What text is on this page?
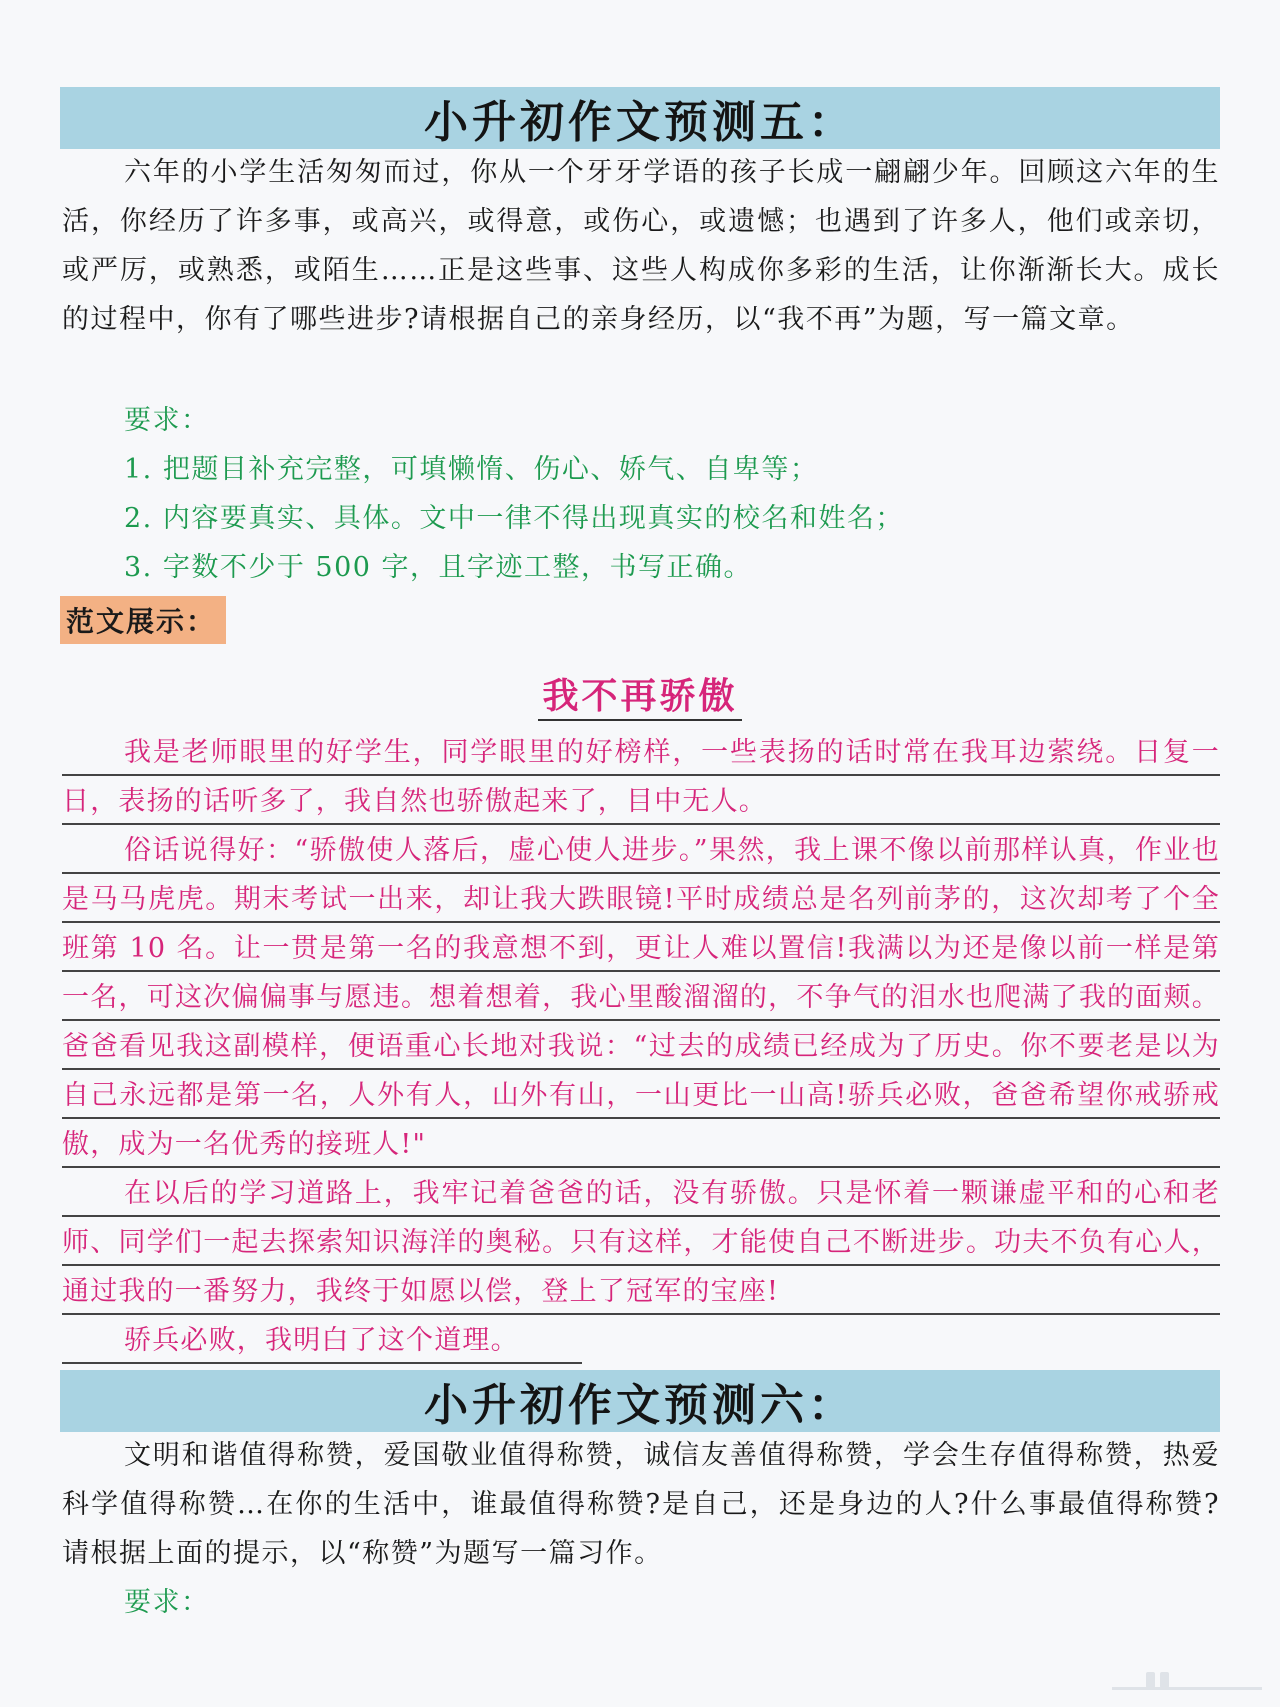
小升初作文预测五：

六年的小学生活匆匆而过，你从一个牙牙学语的孩子长成一翩翩少年。回顾这六年的生活，你经历了许多事，或高兴，或得意，或伤心，或遗憾；也遇到了许多人，他们或亲切，或严厉，或熟悉，或陌生……正是这些事、这些人构成你多彩的生活，让你渐渐长大。成长的过程中，你有了哪些进步?请根据自己的亲身经历，以“我不再”为题，写一篇文章。

要求：

1. 把题目补充完整，可填懒惰、伤心、娇气、自卑等；

2. 内容要真实、具体。文中一律不得出现真实的校名和姓名；

3. 字数不少于 500 字，且字迹工整，书写正确。

范文展示：
我不再骄傲

我是老师眼里的好学生，同学眼里的好榜样，一些表扬的话时常在我耳边萦绕。日复一日，表扬的话听多了，我自然也骄傲起来了，目中无人。

俗话说得好：“骄傲使人落后，虚心使人进步。”果然，我上课不像以前那样认真，作业也是马马虎虎。期末考试一出来，却让我大跌眼镜!平时成绩总是名列前茅的，这次却考了个全班第 10 名。让一贯是第一名的我意想不到，更让人难以置信!我满以为还是像以前一样是第一名，可这次偏偏事与愿违。想着想着，我心里酸溜溜的，不争气的泪水也爬满了我的面颊。爸爸看见我这副模样，便语重心长地对我说：“过去的成绩已经成为了历史。你不要老是以为自己永远都是第一名，人外有人，山外有山，一山更比一山高!骄兵必败，爸爸希望你戒骄戒傲，成为一名优秀的接班人!"

在以后的学习道路上，我牢记着爸爸的话，没有骄傲。只是怀着一颗谦虚平和的心和老师、同学们一起去探索知识海洋的奥秘。只有这样，才能使自己不断进步。功夫不负有心人，通过我的一番努力，我终于如愿以偿，登上了冠军的宝座!

骄兵必败，我明白了这个道理。

小升初作文预测六：

文明和谐值得称赞，爱国敬业值得称赞，诚信友善值得称赞，学会生存值得称赞，热爱科学值得称赞…在你的生活中，谁最值得称赞?是自己，还是身边的人?什么事最值得称赞?请根据上面的提示，以“称赞”为题写一篇习作。

要求：
